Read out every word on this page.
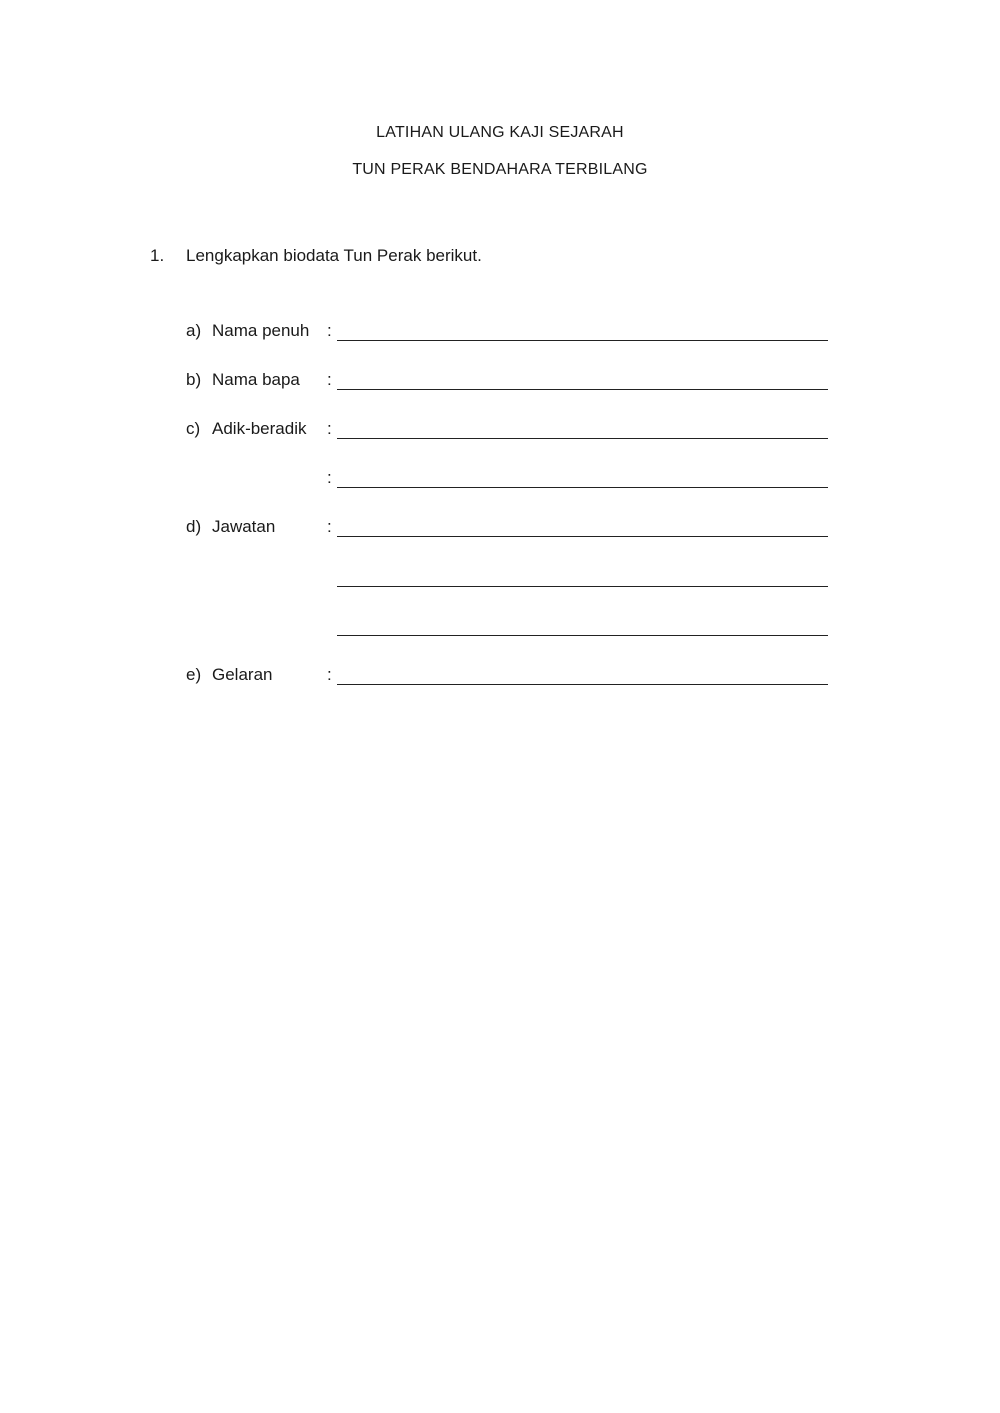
LATIHAN ULANG KAJI SEJARAH
TUN PERAK BENDAHARA TERBILANG
1. Lengkapkan biodata Tun Perak berikut.
a) Nama penuh :
b) Nama bapa :
c) Adik-beradik :
:
d) Jawatan	:
e) Gelaran	:
